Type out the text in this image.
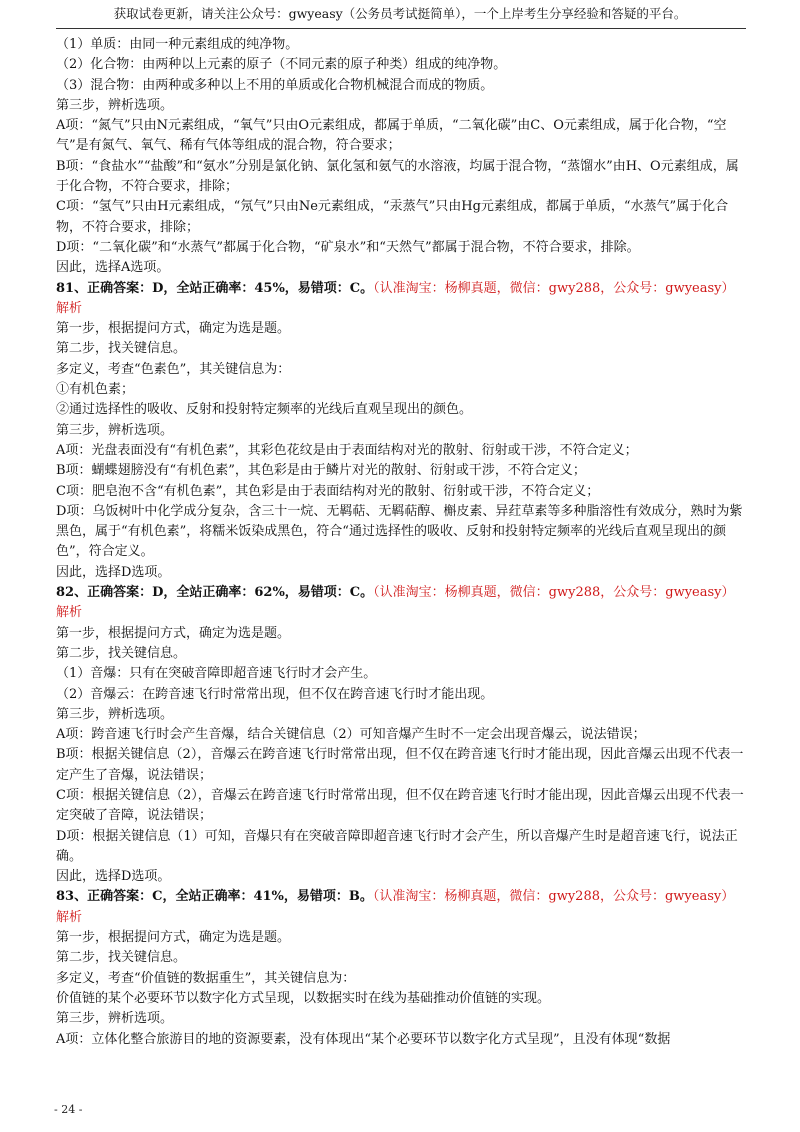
获取试卷更新，请关注公众号：gwyeasy（公务员考试挺简单），一个上岸考生分享经验和答疑的平台。

（1）单质：由同一种元素组成的纯净物。

（2）化合物：由两种以上元素的原子（不同元素的原子种类）组成的纯净物。

（3）混合物：由两种或多种以上不用的单质或化合物机械混合而成的物质。

第三步，辨析选项。

A项：“氮气”只由N元素组成，“氧气”只由O元素组成，都属于单质，“二氧化碳”由C、O元素组成，属于化合物，“空气”是有氮气、氧气、稀有气体等组成的混合物，符合要求；

B项：“食盐水”“盐酸”和“氨水”分别是氯化钠、氯化氢和氨气的水溶液，均属于混合物，“蒸馏水”由H、O元素组成，属于化合物，不符合要求，排除；

C项：“氢气”只由H元素组成，“氖气”只由Ne元素组成，“汞蒸气”只由Hg元素组成，都属于单质，“水蒸气”属于化合物，不符合要求，排除；

D项：“二氧化碳”和“水蒸气”都属于化合物，“矿泉水”和“天然气”都属于混合物，不符合要求，排除。

因此，选择A选项。

81、正确答案：D，全站正确率：45%，易错项：C。（认准淘宝：杨柳真题，微信：gwy288，公众号：gwyeasy）

解析

第一步，根据提问方式，确定为选是题。

第二步，找关键信息。

多定义，考查“色素色”，其关键信息为：

①有机色素；

②通过选择性的吸收、反射和投射特定频率的光线后直观呈现出的颜色。

第三步，辨析选项。

A项：光盘表面没有“有机色素”，其彩色花纹是由于表面结构对光的散射、衍射或干涉，不符合定义；

B项：蝴蝶翅膀没有“有机色素”，其色彩是由于鳞片对光的散射、衍射或干涉，不符合定义；

C项：肥皂泡不含“有机色素”，其色彩是由于表面结构对光的散射、衍射或干涉，不符合定义；

D项：乌饭树叶中化学成分复杂，含三十一烷、无羁萜、无羁萜醇、槲皮素、异荭草素等多种脂溶性有效成分，熟时为紫黑色，属于“有机色素”，将糯米饭染成黑色，符合“通过选择性的吸收、反射和投射特定频率的光线后直观呈现出的颜色”，符合定义。

因此，选择D选项。

82、正确答案：D，全站正确率：62%，易错项：C。（认准淘宝：杨柳真题，微信：gwy288，公众号：gwyeasy）

解析

第一步，根据提问方式，确定为选是题。

第二步，找关键信息。

（1）音爆：只有在突破音障即超音速飞行时才会产生。

（2）音爆云：在跨音速飞行时常常出现，但不仅在跨音速飞行时才能出现。

第三步，辨析选项。

A项：跨音速飞行时会产生音爆，结合关键信息（2）可知音爆产生时不一定会出现音爆云，说法错误；

B项：根据关键信息（2），音爆云在跨音速飞行时常常出现，但不仅在跨音速飞行时才能出现，因此音爆云出现不代表一定产生了音爆，说法错误；

C项：根据关键信息（2），音爆云在跨音速飞行时常常出现，但不仅在跨音速飞行时才能出现，因此音爆云出现不代表一定突破了音障，说法错误；

D项：根据关键信息（1）可知，音爆只有在突破音障即超音速飞行时才会产生，所以音爆产生时是超音速飞行，说法正确。

因此，选择D选项。

83、正确答案：C，全站正确率：41%，易错项：B。（认准淘宝：杨柳真题，微信：gwy288，公众号：gwyeasy）

解析

第一步，根据提问方式，确定为选是题。

第二步，找关键信息。

多定义，考查“价值链的数据重生”，其关键信息为：

价值链的某个必要环节以数字化方式呈现，以数据实时在线为基础推动价值链的实现。

第三步，辨析选项。

A项：立体化整合旅游目的地的资源要素，没有体现出“某个必要环节以数字化方式呈现”，且没有体现“数据

- 24 -
